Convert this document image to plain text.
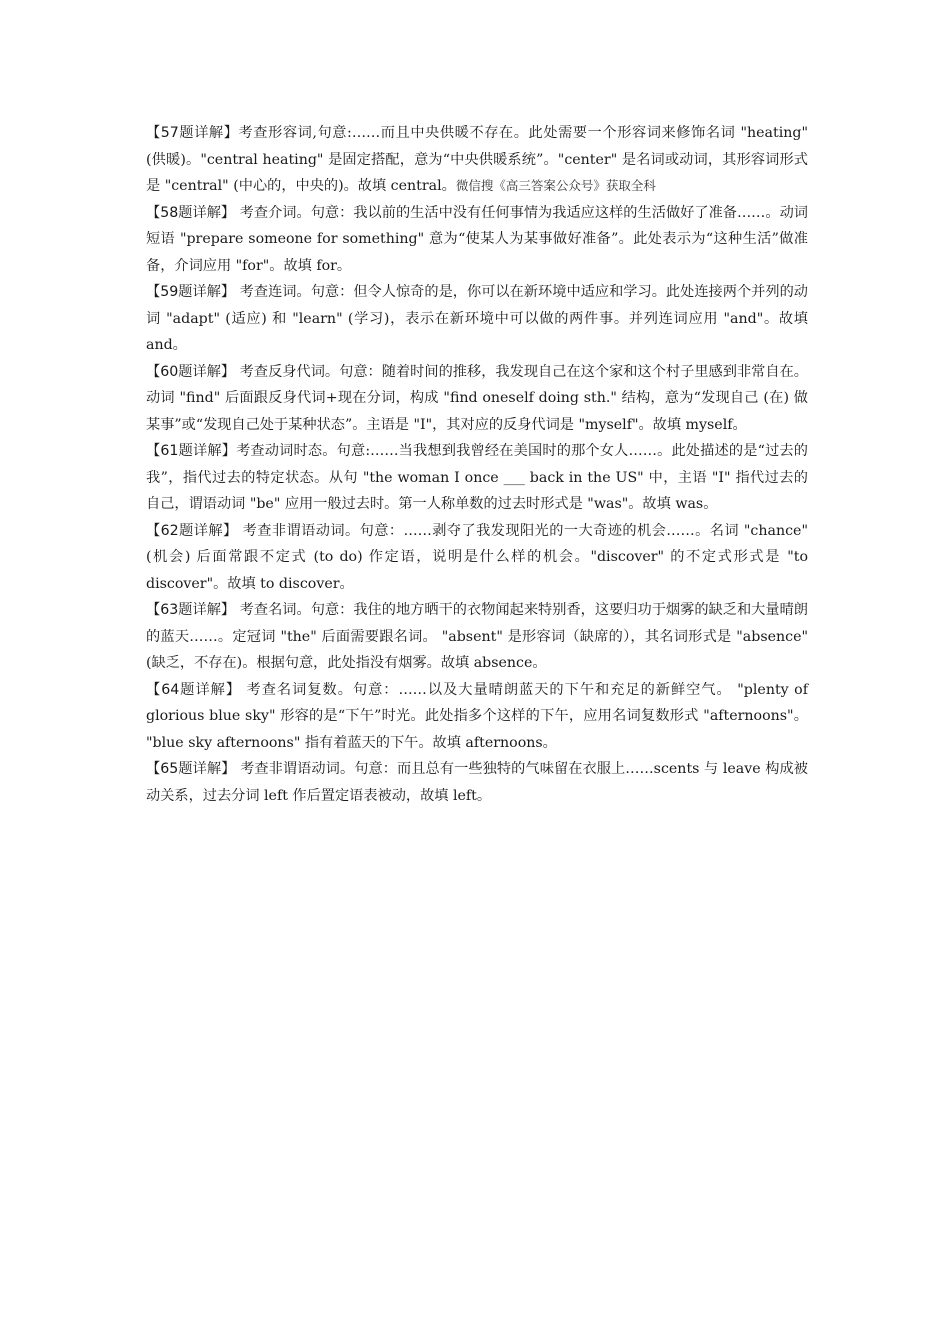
【57题详解】考查形容词,句意:……而且中央供暖不存在。此处需要一个形容词来修饰名词 "heating" (供暖)。"central heating" 是固定搭配，意为“中央供暖系统”。"center" 是名词或动词，其形容词形式是 "central" (中心的，中央的)。故填 central。微信搜《高三答案公众号》获取全科

【58题详解】 考查介词。句意：我以前的生活中没有任何事情为我适应这样的生活做好了准备……。动词短语 "prepare someone for something" 意为“使某人为某事做好准备”。此处表示为“这种生活”做准备，介词应用 "for"。故填 for。

【59题详解】 考查连词。句意：但令人惊奇的是，你可以在新环境中适应和学习。此处连接两个并列的动词 "adapt" (适应) 和 "learn" (学习)，表示在新环境中可以做的两件事。并列连词应用 "and"。故填 and。

【60题详解】 考查反身代词。句意：随着时间的推移，我发现自己在这个家和这个村子里感到非常自在。动词 "find" 后面跟反身代词+现在分词，构成 "find oneself doing sth." 结构，意为“发现自己 (在) 做某事”或“发现自己处于某种状态”。主语是 "I"，其对应的反身代词是 "myself"。故填 myself。

【61题详解】考查动词时态。句意:……当我想到我曾经在美国时的那个女人……。此处描述的是“过去的我”，指代过去的特定状态。从句 "the woman I once ___ back in the US" 中，主语 "I" 指代过去的自己，谓语动词 "be" 应用一般过去时。第一人称单数的过去时形式是 "was"。故填 was。

【62题详解】 考查非谓语动词。句意：……剥夺了我发现阳光的一大奇迹的机会……。名词 "chance" (机会) 后面常跟不定式 (to do) 作定语，说明是什么样的机会。"discover" 的不定式形式是 "to discover"。故填 to discover。

【63题详解】 考查名词。句意：我住的地方晒干的衣物闻起来特别香，这要归功于烟雾的缺乏和大量晴朗的蓝天……。定冠词 "the" 后面需要跟名词。 "absent" 是形容词（缺席的），其名词形式是 "absence" (缺乏，不存在)。根据句意，此处指没有烟雾。故填 absence。

【64题详解】 考查名词复数。句意：……以及大量晴朗蓝天的下午和充足的新鲜空气。 "plenty of glorious blue sky" 形容的是“下午”时光。此处指多个这样的下午，应用名词复数形式 "afternoons"。 "blue sky afternoons" 指有着蓝天的下午。故填 afternoons。

【65题详解】 考查非谓语动词。句意：而且总有一些独特的气味留在衣服上……scents 与 leave 构成被动关系，过去分词 left 作后置定语表被动，故填 left。
